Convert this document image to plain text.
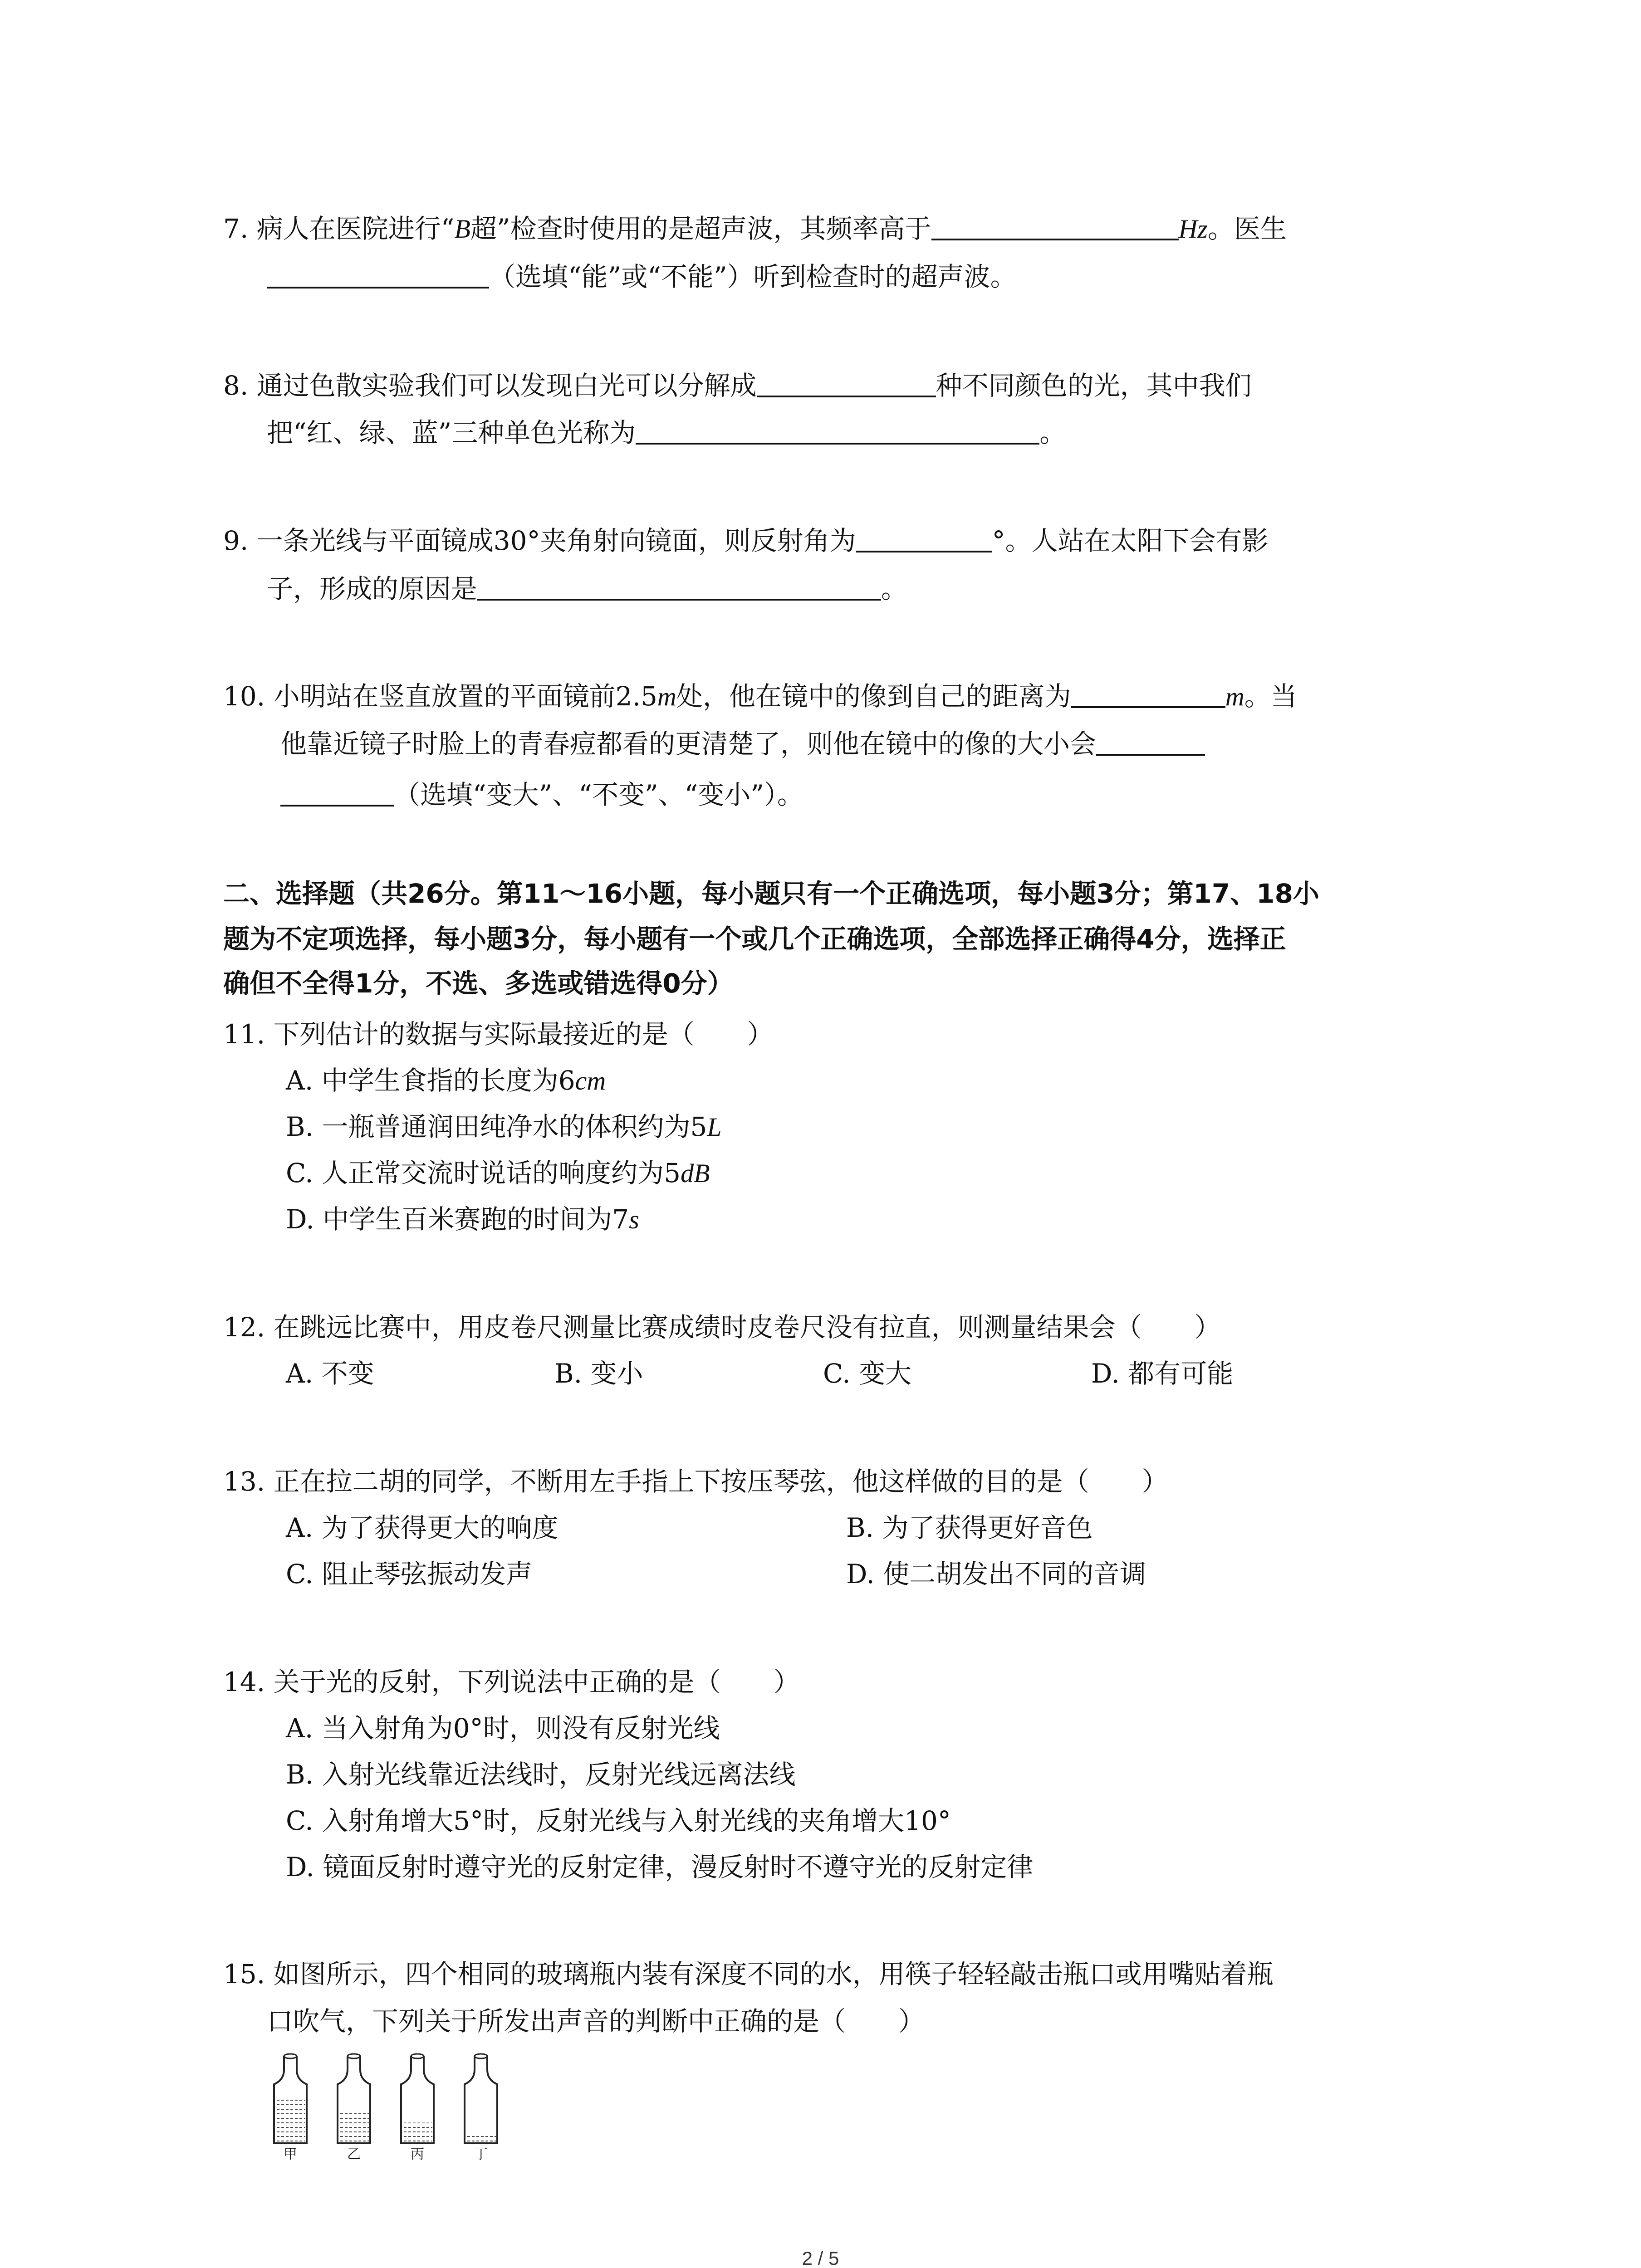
7. 病人在医院进行“B超”检查时使用的是超声波，其频率高于	Hz。医生
（选填“能”或“不能”）听到检查时的超声波。
8. 通过色散实验我们可以发现白光可以分解成	种不同颜色的光，其中我们
把“红、绿、蓝”三种单色光称为	。
9. 一条光线与平面镜成30°夹角射向镜面，则反射角为	°。人站在太阳下会有影
子，形成的原因是	。
10. 小明站在竖直放置的平面镜前2.5m处，他在镜中的像到自己的距离为	m。当
他靠近镜子时脸上的青春痘都看的更清楚了，则他在镜中的像的大小会
（选填“变大”、“不变”、“变小”）。
二、选择题（共26分。第11～16小题，每小题只有一个正确选项，每小题3分；第17、18小
题为不定项选择，每小题3分，每小题有一个或几个正确选项，全部选择正确得4分，选择正
确但不全得1分，不选、多选或错选得0分）
11. 下列估计的数据与实际最接近的是（　　）
A. 中学生食指的长度为6cm
B. 一瓶普通润田纯净水的体积约为5L
C. 人正常交流时说话的响度约为5dB
D. 中学生百米赛跑的时间为7s
12. 在跳远比赛中，用皮卷尺测量比赛成绩时皮卷尺没有拉直，则测量结果会（　　）
A. 不变	B. 变小	C. 变大	D. 都有可能
13. 正在拉二胡的同学，不断用左手指上下按压琴弦，他这样做的目的是（　　）
A. 为了获得更大的响度	B. 为了获得更好音色
C. 阻止琴弦振动发声	D. 使二胡发出不同的音调
14. 关于光的反射，下列说法中正确的是（　　）
A. 当入射角为0°时，则没有反射光线
B. 入射光线靠近法线时，反射光线远离法线
C. 入射角增大5°时，反射光线与入射光线的夹角增大10°
D. 镜面反射时遵守光的反射定律，漫反射时不遵守光的反射定律
15. 如图所示，四个相同的玻璃瓶内装有深度不同的水，用筷子轻轻敲击瓶口或用嘴贴着瓶
口吹气，下列关于所发出声音的判断中正确的是（　　）
甲	乙	丙	丁
2 / 5
